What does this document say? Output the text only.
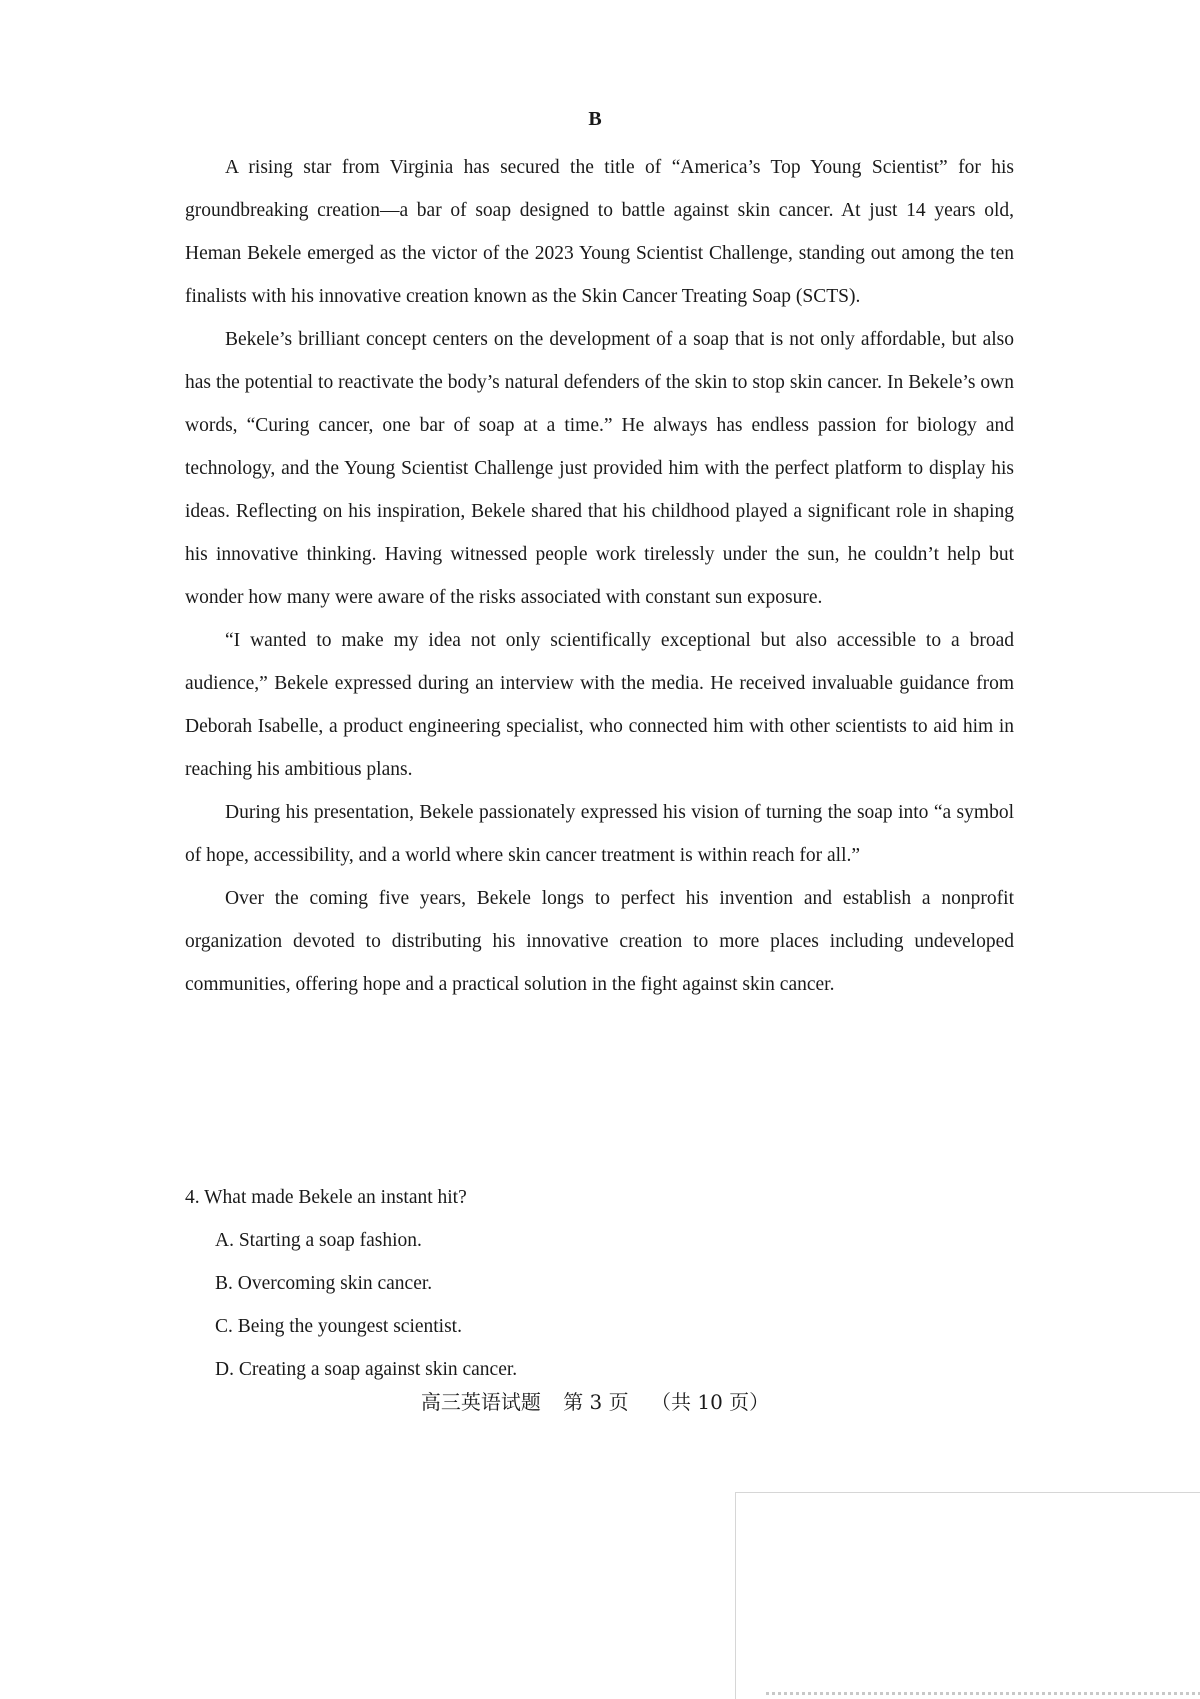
B

A rising star from Virginia has secured the title of “America’s Top Young Scientist” for his groundbreaking creation—a bar of soap designed to battle against skin cancer. At just 14 years old, Heman Bekele emerged as the victor of the 2023 Young Scientist Challenge, standing out among the ten finalists with his innovative creation known as the Skin Cancer Treating Soap (SCTS).

Bekele’s brilliant concept centers on the development of a soap that is not only affordable, but also has the potential to reactivate the body’s natural defenders of the skin to stop skin cancer. In Bekele’s own words, “Curing cancer, one bar of soap at a time.” He always has endless passion for biology and technology, and the Young Scientist Challenge just provided him with the perfect platform to display his ideas. Reflecting on his inspiration, Bekele shared that his childhood played a significant role in shaping his innovative thinking. Having witnessed people work tirelessly under the sun, he couldn’t help but wonder how many were aware of the risks associated with constant sun exposure.

“I wanted to make my idea not only scientifically exceptional but also accessible to a broad audience,” Bekele expressed during an interview with the media. He received invaluable guidance from Deborah Isabelle, a product engineering specialist, who connected him with other scientists to aid him in reaching his ambitious plans.

During his presentation, Bekele passionately expressed his vision of turning the soap into “a symbol of hope, accessibility, and a world where skin cancer treatment is within reach for all.”

Over the coming five years, Bekele longs to perfect his invention and establish a nonprofit organization devoted to distributing his innovative creation to more places including undeveloped communities, offering hope and a practical solution in the fight against skin cancer.

4. What made Bekele an instant hit?

A. Starting a soap fashion.

B. Overcoming skin cancer.

C. Being the youngest scientist.

D. Creating a soap against skin cancer.

高三英语试题 第 3 页 （共 10 页）
